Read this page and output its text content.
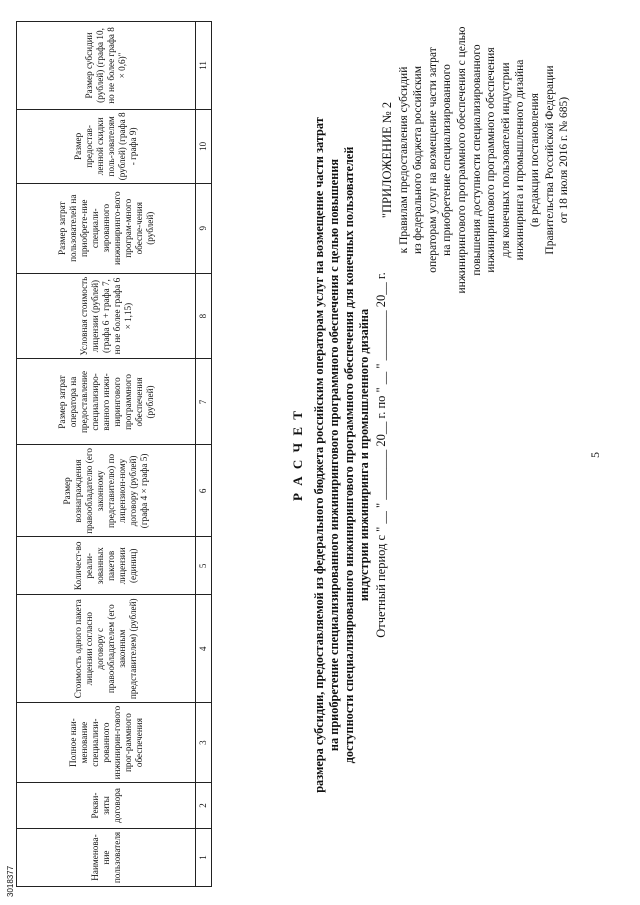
5
"ПРИЛОЖЕНИЕ № 2 к Правилам предоставления субсидий из федерального бюджета российским операторам услуг на возмещение части затрат на приобретение специализированного инжинирингового программного обеспечения с целью повышения доступности специализированного инжинирингового программного обеспечения для конечных пользователей индустрии инжиниринга и промышленного дизайна (в редакции постановления Правительства Российской Федерации от 18 июля 2016 г. № 685)
Р А С Ч Е Т размера субсидии, предоставляемой из федерального бюджета российским операторам услуг на возмещение части затрат на приобретение специализированного инжинирингового программного обеспечения с целью повышения доступности специализированного инжинирингового программного обеспечения для конечных пользователей индустрии инжиниринга и промышленного дизайна Отчетный период с " __ " ________ 20__ г. по " __ " ________ 20__ г.
Наименова-ние пользователя	Рекви-зиты договора	Полное наи-менование специализи-рованного инжинирин-гового прог-раммного обеспечения	Стоимость одного пакета лицензии согласно договору с правообладателем (его законным представителем) (рублей)	Количест-во реали-зованных пакетов лицензии (единиц)	Размер вознаграждения правообладателю (его законному представителю) по лицензион-ному договору (рублей) (графа 4 × графа 5)	Размер затрат оператора на предоставление специализиро-ванного инжи-нирингового программного обеспечения (рублей)	Условная стоимость лицензии (рублей) (графа 6 + графа 7, но не более графа 6 × 1,15)	Размер затрат пользователей на приобрете-ние специали-зированного инжиниринго-вого програм-много обеспе-чения (рублей)	Размер предостав-ленной скидки поль-зователям (рублей) (графа 8 - графа 9)	Размер субсидии (рублей) (графа 10, но не более графа 8 × 0,6)"
1	2	3	4	5	6	7	8	9	10	11
3018377
